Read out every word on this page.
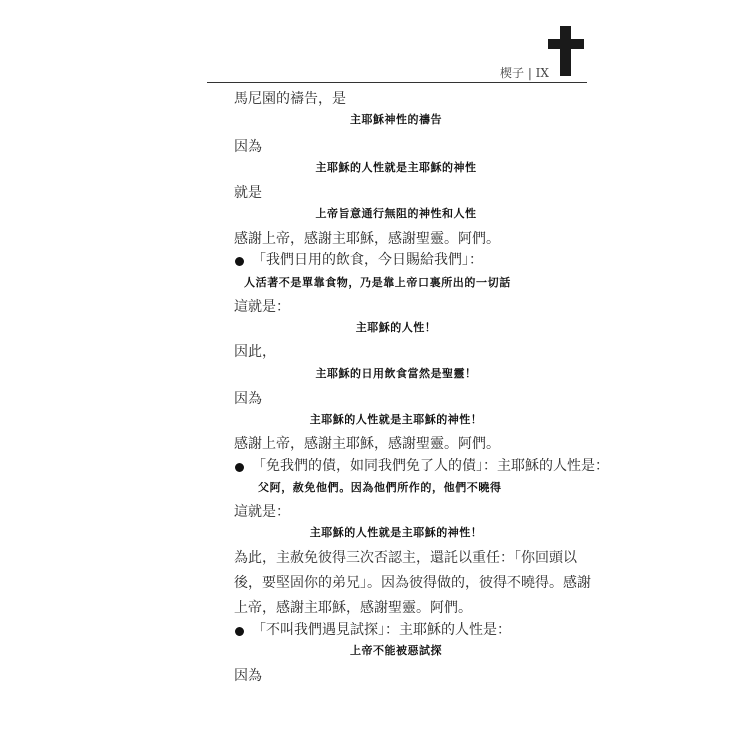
楔子 | IX
馬尼園的禱告，是
主耶穌神性的禱告
因為
主耶穌的人性就是主耶穌的神性
就是
上帝旨意通行無阻的神性和人性
感謝上帝，感謝主耶穌，感謝聖靈。阿們。
「我們日用的飲食，今日賜給我們」：
人活著不是單靠食物，乃是靠上帝口裏所出的一切話
這就是：
主耶穌的人性！
因此，
主耶穌的日用飲食當然是聖靈！
因為
主耶穌的人性就是主耶穌的神性！
感謝上帝，感謝主耶穌，感謝聖靈。阿們。
「免我們的債，如同我們免了人的債」：主耶穌的人性是：
父阿，赦免他們。因為他們所作的，他們不曉得
這就是：
主耶穌的人性就是主耶穌的神性！
為此，主赦免彼得三次否認主，還託以重任：「你回頭以
後，要堅固你的弟兄」。因為彼得做的，彼得不曉得。感謝
上帝，感謝主耶穌，感謝聖靈。阿們。
「不叫我們遇見試探」：主耶穌的人性是：
上帝不能被惡試探
因為
